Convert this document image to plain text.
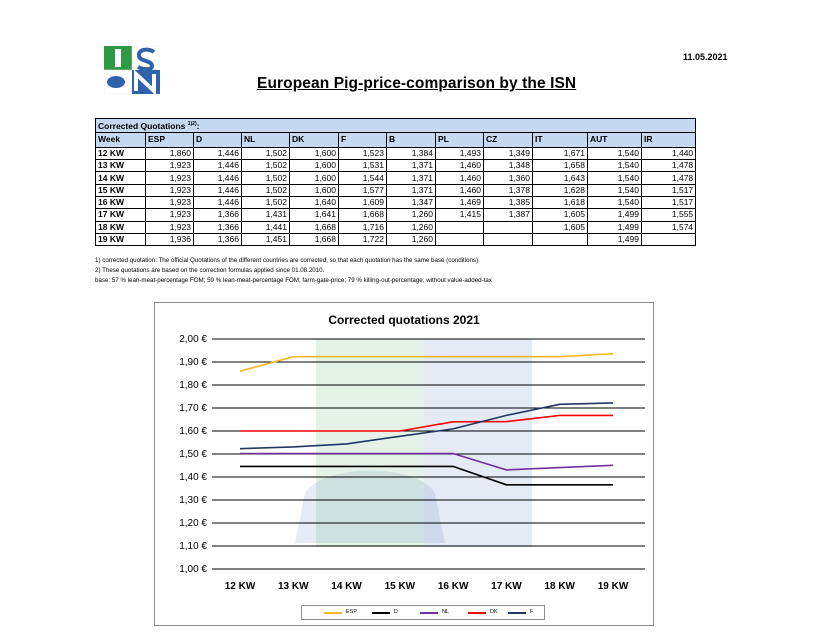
11.05.2021
European Pig-price-comparison by the ISN
Corrected Quotations $^{1)2)}$:											
Week	ESP	D	NL	DK	F	B	PL	CZ	IT	AUT	IR
12 KW	1,860	1,446	1,502	1,600	1,523	1,384	1,493	1,349	1,671	1,540	1,440
13 KW	1,923	1,446	1,502	1,600	1,531	1,371	1,460	1,348	1,658	1,540	1,478
14 KW	1,923	1,446	1,502	1,600	1,544	1,371	1,460	1,360	1,643	1,540	1,478
15 KW	1,923	1,446	1,502	1,600	1,577	1,371	1,460	1,378	1,628	1,540	1,517
16 KW	1,923	1,446	1,502	1,640	1,609	1,347	1,469	1,385	1,618	1,540	1,517
17 KW	1,923	1,366	1,431	1,641	1,668	1,260	1,415	1,387	1,605	1,499	1,555
18 KW	1,923	1,366	1,441	1,668	1,716	1,260			1,605	1,499	1,574
19 KW	1,936	1,366	1,451	1,668	1,722	1,260				1,499	
1) corrected quotation: The official Quotations of the different countries are corrected, so that each quotation has the same base (conditions).
2) These quotations are based on the correction formulas applied since 01.08.2010.
base: 57 % lean-meat-percentage FOM; 59 % lean-meat-percentage FOM; farm-gate-price; 79 % killing-out-percentage, without value-added-tax
Corrected quotations 2021
1,00 €
1,10 €
1,20 €
1,30 €
1,40 €
1,50 €
1,60 €
1,70 €
1,80 €
1,90 €
2,00 €
12 KW 13 KW 14 KW 15 KW 16 KW 17 KW 18 KW 19 KW
ESP	D	NL	DK	F
